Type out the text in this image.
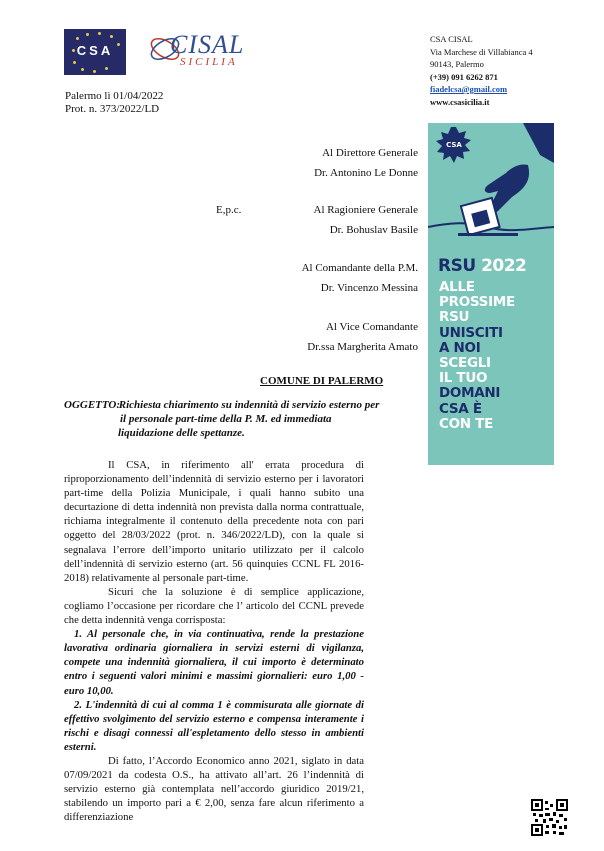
CSA	CISAL
SICILIA
CSA CISAL
Via Marchese di Villabianca 4
90143, Palermo
(+39) 091 6262 871
fiadelcsa@gmail.com
www.csasicilia.it
Palermo lì 01/04/2022
Prot. n. 373/2022/LD
Al Direttore Generale
Dr. Antonino Le Donne
E,p.c.	Al Ragioniere Generale
Dr. Bohuslav Basile
Al Comandante della P.M.
Dr. Vincenzo Messina
Al Vice Comandante
Dr.ssa Margherita Amato
COMUNE DI PALERMO
OGGETTO: Richiesta chiarimento su indennità di servizio esterno per
il personale part-time della P. M. ed immediata
liquidazione delle spettanze.

Il CSA, in riferimento all' errata procedura di riproporzionamento dell’indennità di servizio esterno per i lavoratori part-time della Polizia Municipale, i quali hanno subito una decurtazione di detta indennità non prevista dalla norma contrattuale, richiama integralmente il contenuto della precedente nota con pari oggetto del 28/03/2022 (prot. n. 346/2022/LD), con la quale si segnalava l’errore dell’importo unitario utilizzato per il calcolo dell’indennità di servizio esterno (art. 56 quinquies CCNL FL 2016-2018) relativamente al personale part-time.

Sicuri che la soluzione è di semplice applicazione, cogliamo l’occasione per ricordare che l’ articolo del CCNL prevede che detta indennità venga corrisposta:

1. Al personale che, in via continuativa, rende la prestazione lavorativa ordinaria giornaliera in servizi esterni di vigilanza, compete una indennità giornaliera, il cui importo è determinato entro i seguenti valori minimi e massimi giornalieri: euro 1,00 - euro 10,00.

2. L'indennità di cui al comma 1 è commisurata alle giornate di effettivo svolgimento del servizio esterno e compensa interamente i rischi e disagi connessi all'espletamento dello stesso in ambienti esterni.

Di fatto, l’Accordo Economico anno 2021, siglato in data 07/09/2021 da codesta O.S., ha attivato all’art. 26 l’indennità di servizio esterno già contemplata nell’accordo giuridico 2019/21, stabilendo un importo pari a € 2,00, senza fare alcun riferimento a differenziazione

CSA
RSU 2022
ALLE
PROSSIME
RSU
UNISCITI
A NOI
SCEGLI
IL TUO
DOMANI
CSA È
CON TE
